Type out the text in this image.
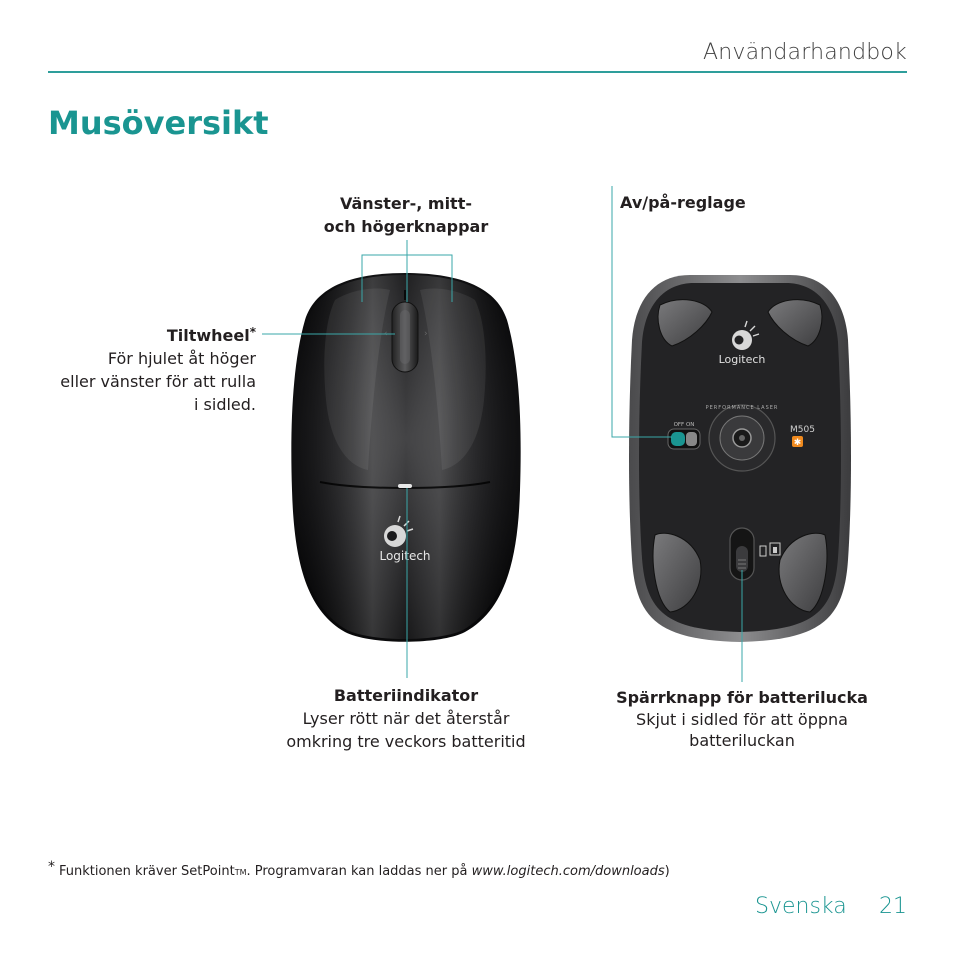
Användarhandbok
Musöversikt
‹	›
Logitech
✱
Logitech
M505
OFF ON
PERFORMANCE LASER
Vänster-, mitt-
och högerknappar
Tiltwheel*
För hjulet åt höger
eller vänster för att rulla
i sidled.
Batteriindikator
Lyser rött när det återstår
omkring tre veckors batteritid
Av/på-reglage
Spärrknapp för batterilucka
Skjut i sidled för att öppna
batteriluckan
* Funktionen kräver SetPointTM. Programvaran kan laddas ner på www.logitech.com/downloads)
Svenska 21
